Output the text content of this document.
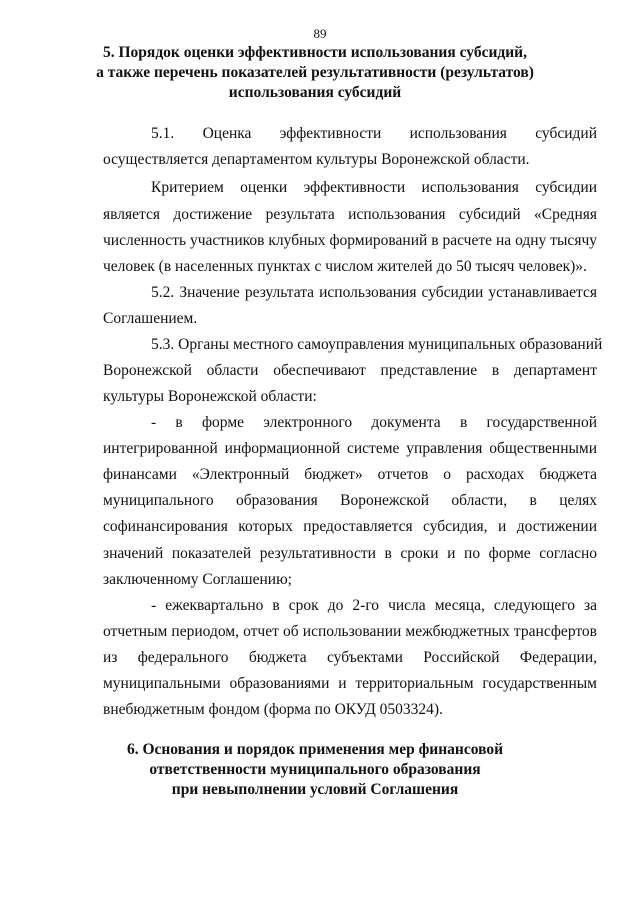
89
5. Порядок оценки эффективности использования субсидий,
а также перечень показателей результативности (результатов)
использования субсидий
5.1. Оценка эффективности использования субсидий
осуществляется департаментом культуры Воронежской области.
Критерием оценки эффективности использования субсидии
является достижение результата использования субсидий «Средняя
численность участников клубных формирований в расчете на одну тысячу
человек (в населенных пунктах с числом жителей до 50 тысяч человек)».
5.2. Значение результата использования субсидии устанавливается
Соглашением.
5.3. Органы местного самоуправления муниципальных образований
Воронежской области обеспечивают представление в департамент
культуры Воронежской области:
- в форме электронного документа в государственной
интегрированной информационной системе управления общественными
финансами «Электронный бюджет» отчетов о расходах бюджета
муниципального образования Воронежской области, в целях
софинансирования которых предоставляется субсидия, и достижении
значений показателей результативности в сроки и по форме согласно
заключенному Соглашению;
- ежеквартально в срок до 2-го числа месяца, следующего за
отчетным периодом, отчет об использовании межбюджетных трансфертов
из федерального бюджета субъектами Российской Федерации,
муниципальными образованиями и территориальным государственным
внебюджетным фондом (форма по ОКУД 0503324).
6. Основания и порядок применения мер финансовой
ответственности муниципального образования
при невыполнении условий Соглашения
